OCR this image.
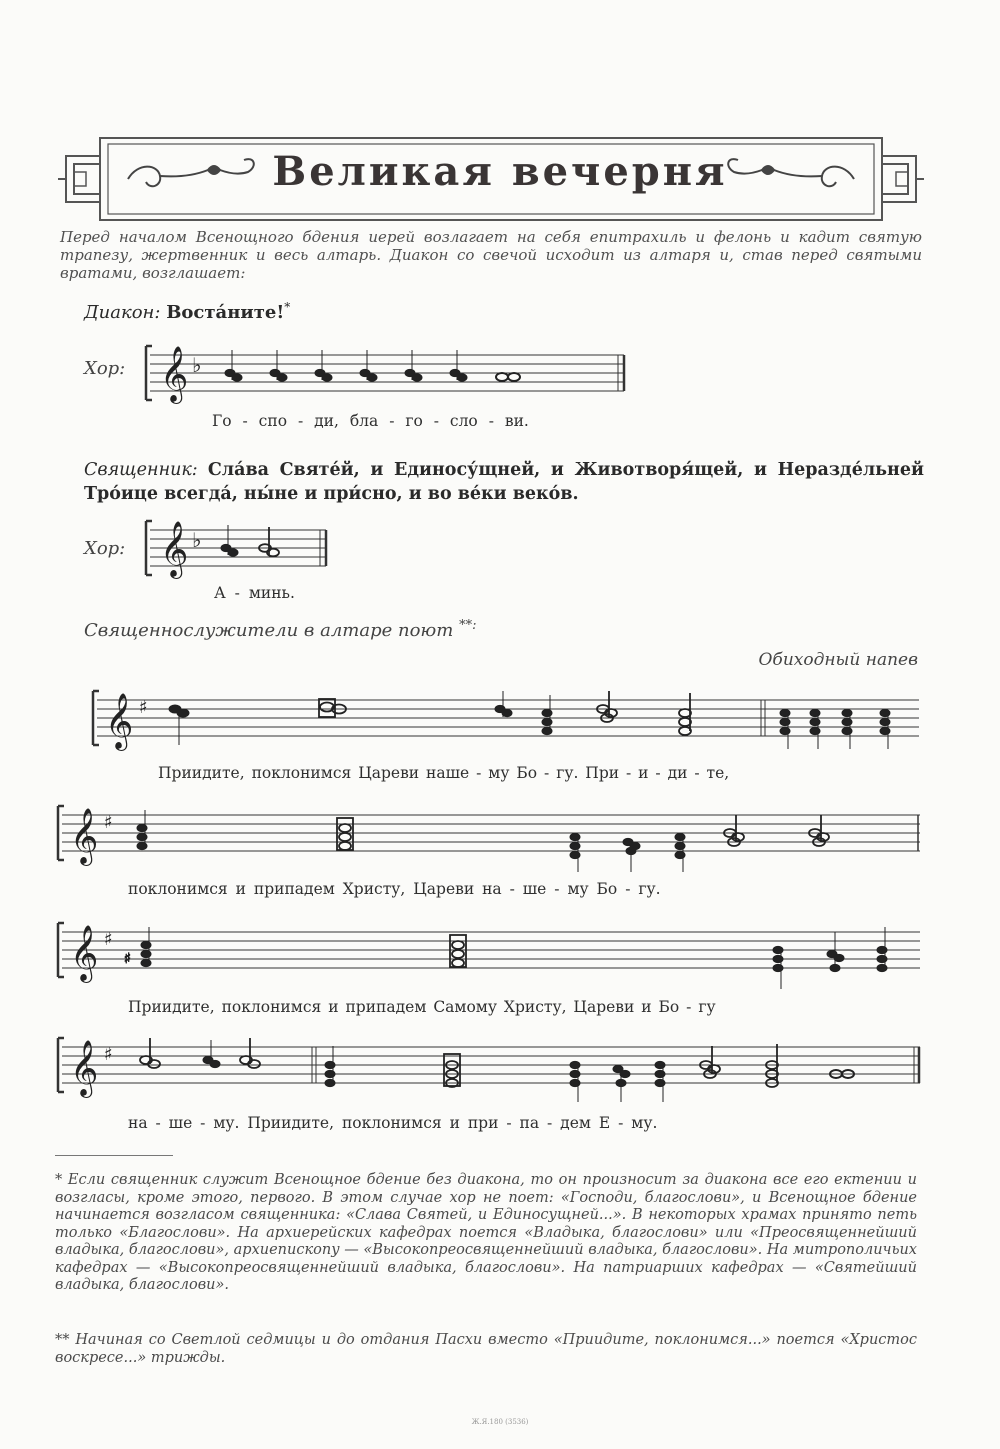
Великая вечерня

Перед началом Всенощного бдения иерей возлагает на себя епитрахиль и фелонь и кадит святую трапезу, жертвенник и весь алтарь. Диакон со свечой исходит из алтаря и, став перед святыми вратами, возглашает:

Диакон: Воста́ните!*
Хор: 𝄞 ♭
Го - спо - ди, бла - го - сло - ви.

Священник: Сла́ва Святе́й, и Единосу́щней, и Животворя́щей, и Нераздéльней Тро́ице всегда́, ны́не и при́сно, и во ве́ки веко́в.

Хор: 𝄞 ♭
А - минь.
Священнослужители в алтаре поют **:
Обиходный напев
𝄞 ♯
Приидите, поклонимся Цареви наше - му Бо - гу. При - и - ди - те,
𝄞 ♯
поклонимся и припадем Христу, Цареви на - ше - му Бо - гу.
𝄞 ♯
♯
Приидите, поклонимся и припадем Самому Христу, Цареви и Бо - гу
𝄞 ♯
на - ше - му. Приидите, поклонимся и при - па - дем Е - му.

* Если священник служит Всенощное бдение без диакона, то он произносит за диакона все его ектении и возгласы, кроме этого, первого. В этом случае хор не поет: «Господи, благослови», и Всенощное бдение начинается возгласом священника: «Слава Святей, и Единосущней...». В некоторых храмах принято петь только «Благослови». На архиерейских кафедрах поется «Владыка, благослови» или «Преосвященнейший владыка, благослови», архиепископу — «Высокопреосвященнейший владыка, благослови». На митрополичьих кафедрах — «Высокопреосвященнейший владыка, благослови». На патриарших кафедрах — «Святейший владыка, благослови».

** Начиная со Светлой седмицы и до отдания Пасхи вместо «Приидите, поклонимся...» поется «Христос воскресе...» трижды.

Ж.Я.180 (3536)
